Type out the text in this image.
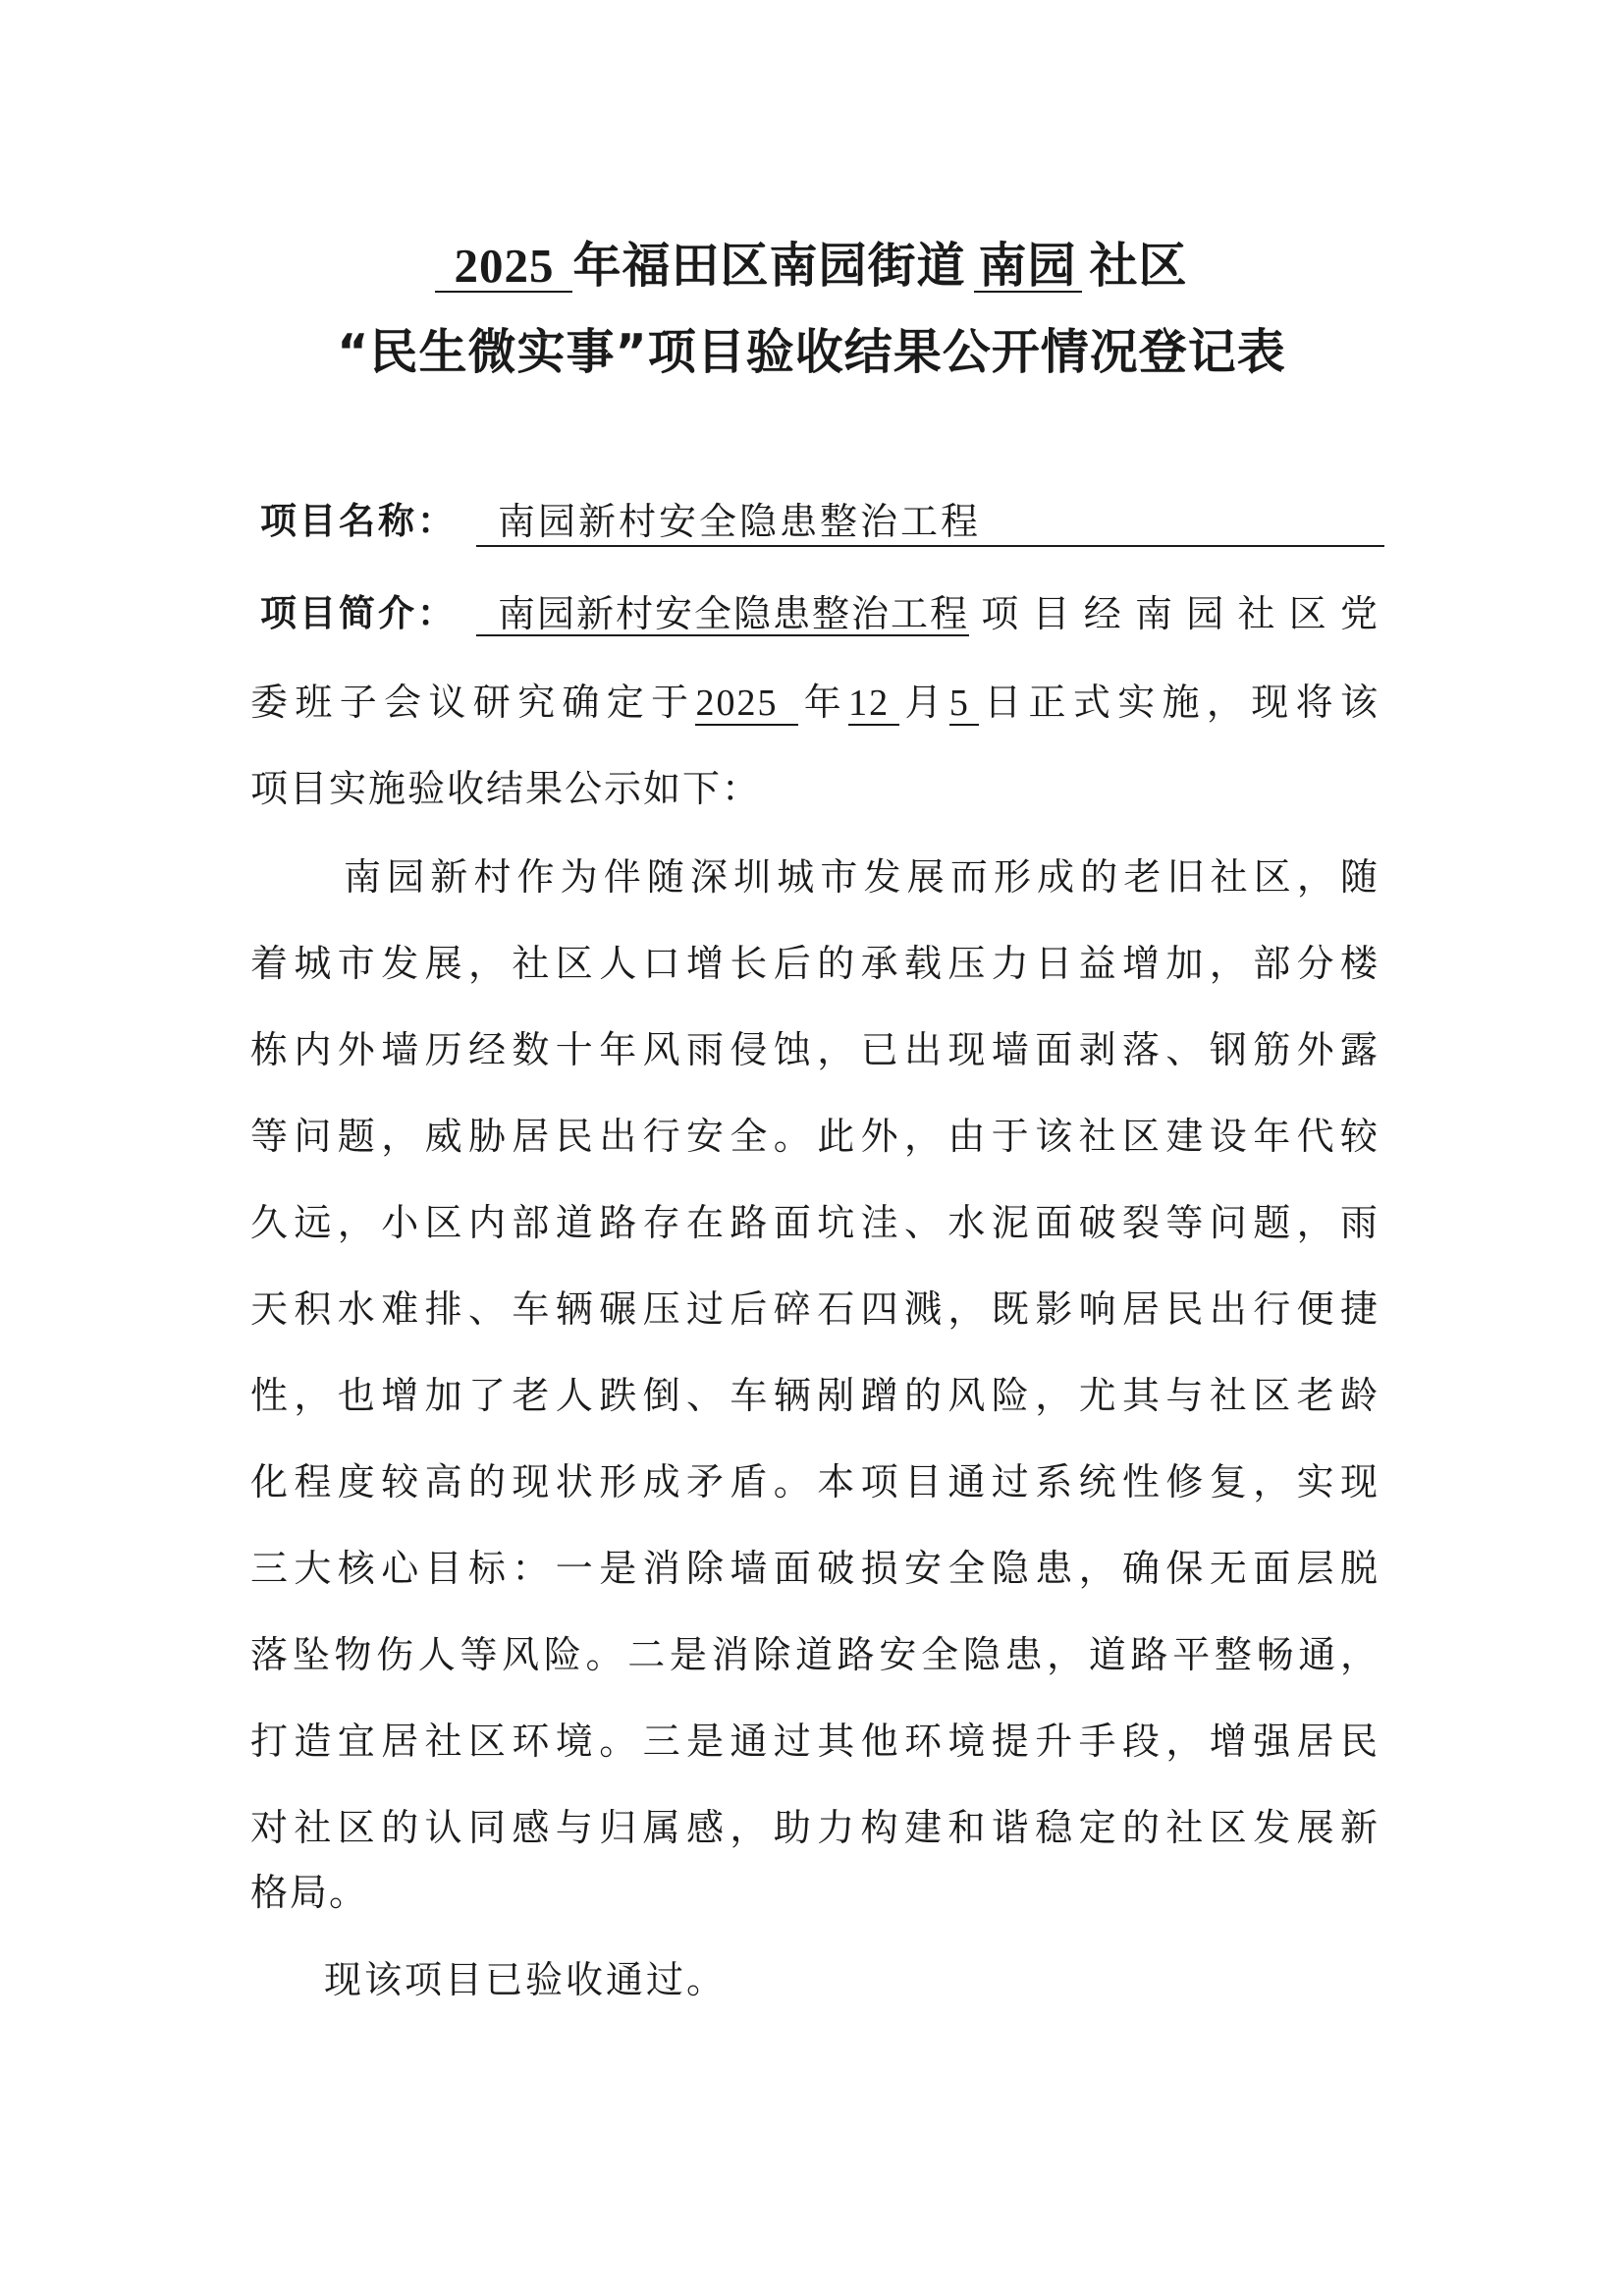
2025 年福田区南园街道 南园 社区
“民生微实事”项目验收结果公开情况登记表
项目名称：	南园新村安全隐患整治工程
项目简介：	南园新村安全隐患整治工程项目经南园社区党
委班子会议研究确定于2025 年12 月5 日正式实施，现将该
项目实施验收结果公示如下：
南园新村作为伴随深圳城市发展而形成的老旧社区，随
着城市发展，社区人口增长后的承载压力日益增加，部分楼
栋内外墙历经数十年风雨侵蚀，已出现墙面剥落、钢筋外露
等问题，威胁居民出行安全。此外，由于该社区建设年代较
久远，小区内部道路存在路面坑洼、水泥面破裂等问题，雨
天积水难排、车辆碾压过后碎石四溅，既影响居民出行便捷
性，也增加了老人跌倒、车辆剐蹭的风险，尤其与社区老龄
化程度较高的现状形成矛盾。本项目通过系统性修复，实现
三大核心目标：一是消除墙面破损安全隐患，确保无面层脱
落坠物伤人等风险。二是消除道路安全隐患，道路平整畅通，
打造宜居社区环境。三是通过其他环境提升手段，增强居民
对社区的认同感与归属感，助力构建和谐稳定的社区发展新
格局。
现该项目已验收通过。
